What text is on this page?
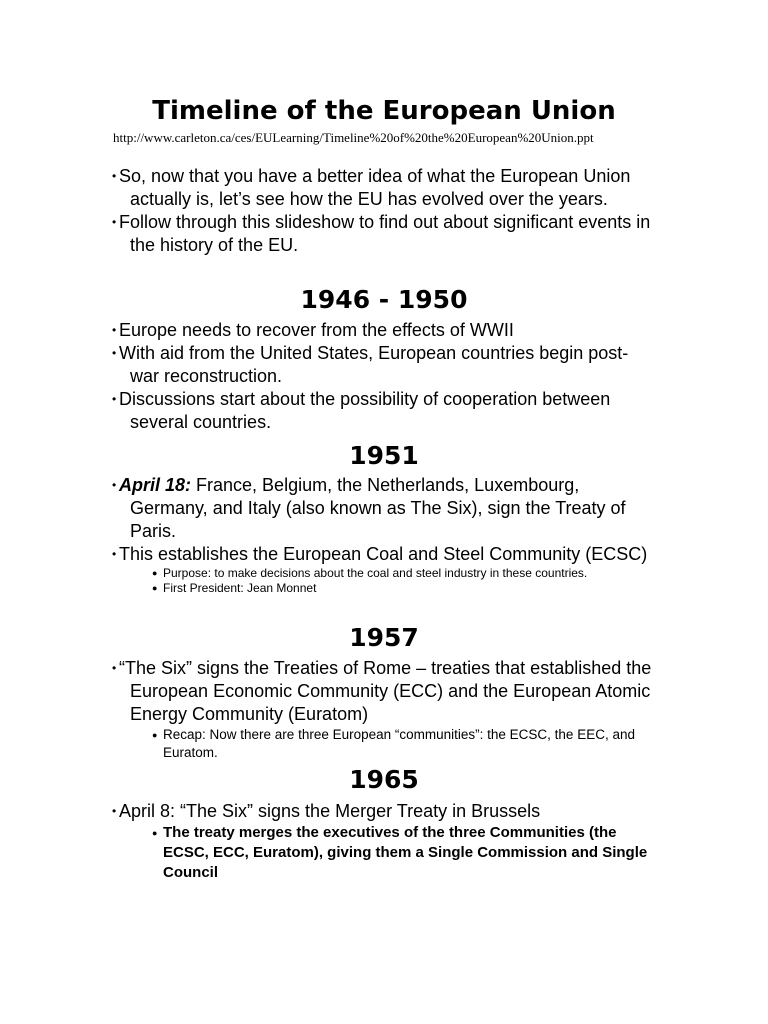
Timeline of the European Union
http://www.carleton.ca/ces/EULearning/Timeline%20of%20the%20European%20Union.ppt
• So, now that you have a better idea of what the European Union actually is, let’s see how the EU has evolved over the years.
• Follow through this slideshow to find out about significant events in the history of the EU.
1946 - 1950
• Europe needs to recover from the effects of WWII
• With aid from the United States, European countries begin post-war reconstruction.
• Discussions start about the possibility of cooperation between several countries.
1951
• April 18: France, Belgium, the Netherlands, Luxembourg, Germany, and Italy (also known as The Six), sign the Treaty of Paris.
• This establishes the European Coal and Steel Community (ECSC)
● Purpose: to make decisions about the coal and steel industry in these countries.
● First President: Jean Monnet
1957
• “The Six” signs the Treaties of Rome – treaties that established the European Economic Community (ECC) and the European Atomic Energy Community (Euratom)
● Recap: Now there are three European “communities”: the ECSC, the EEC, and Euratom.
1965
• April 8: “The Six” signs the Merger Treaty in Brussels
● The treaty merges the executives of the three Communities (the ECSC, ECC, Euratom), giving them a Single Commission and Single Council
